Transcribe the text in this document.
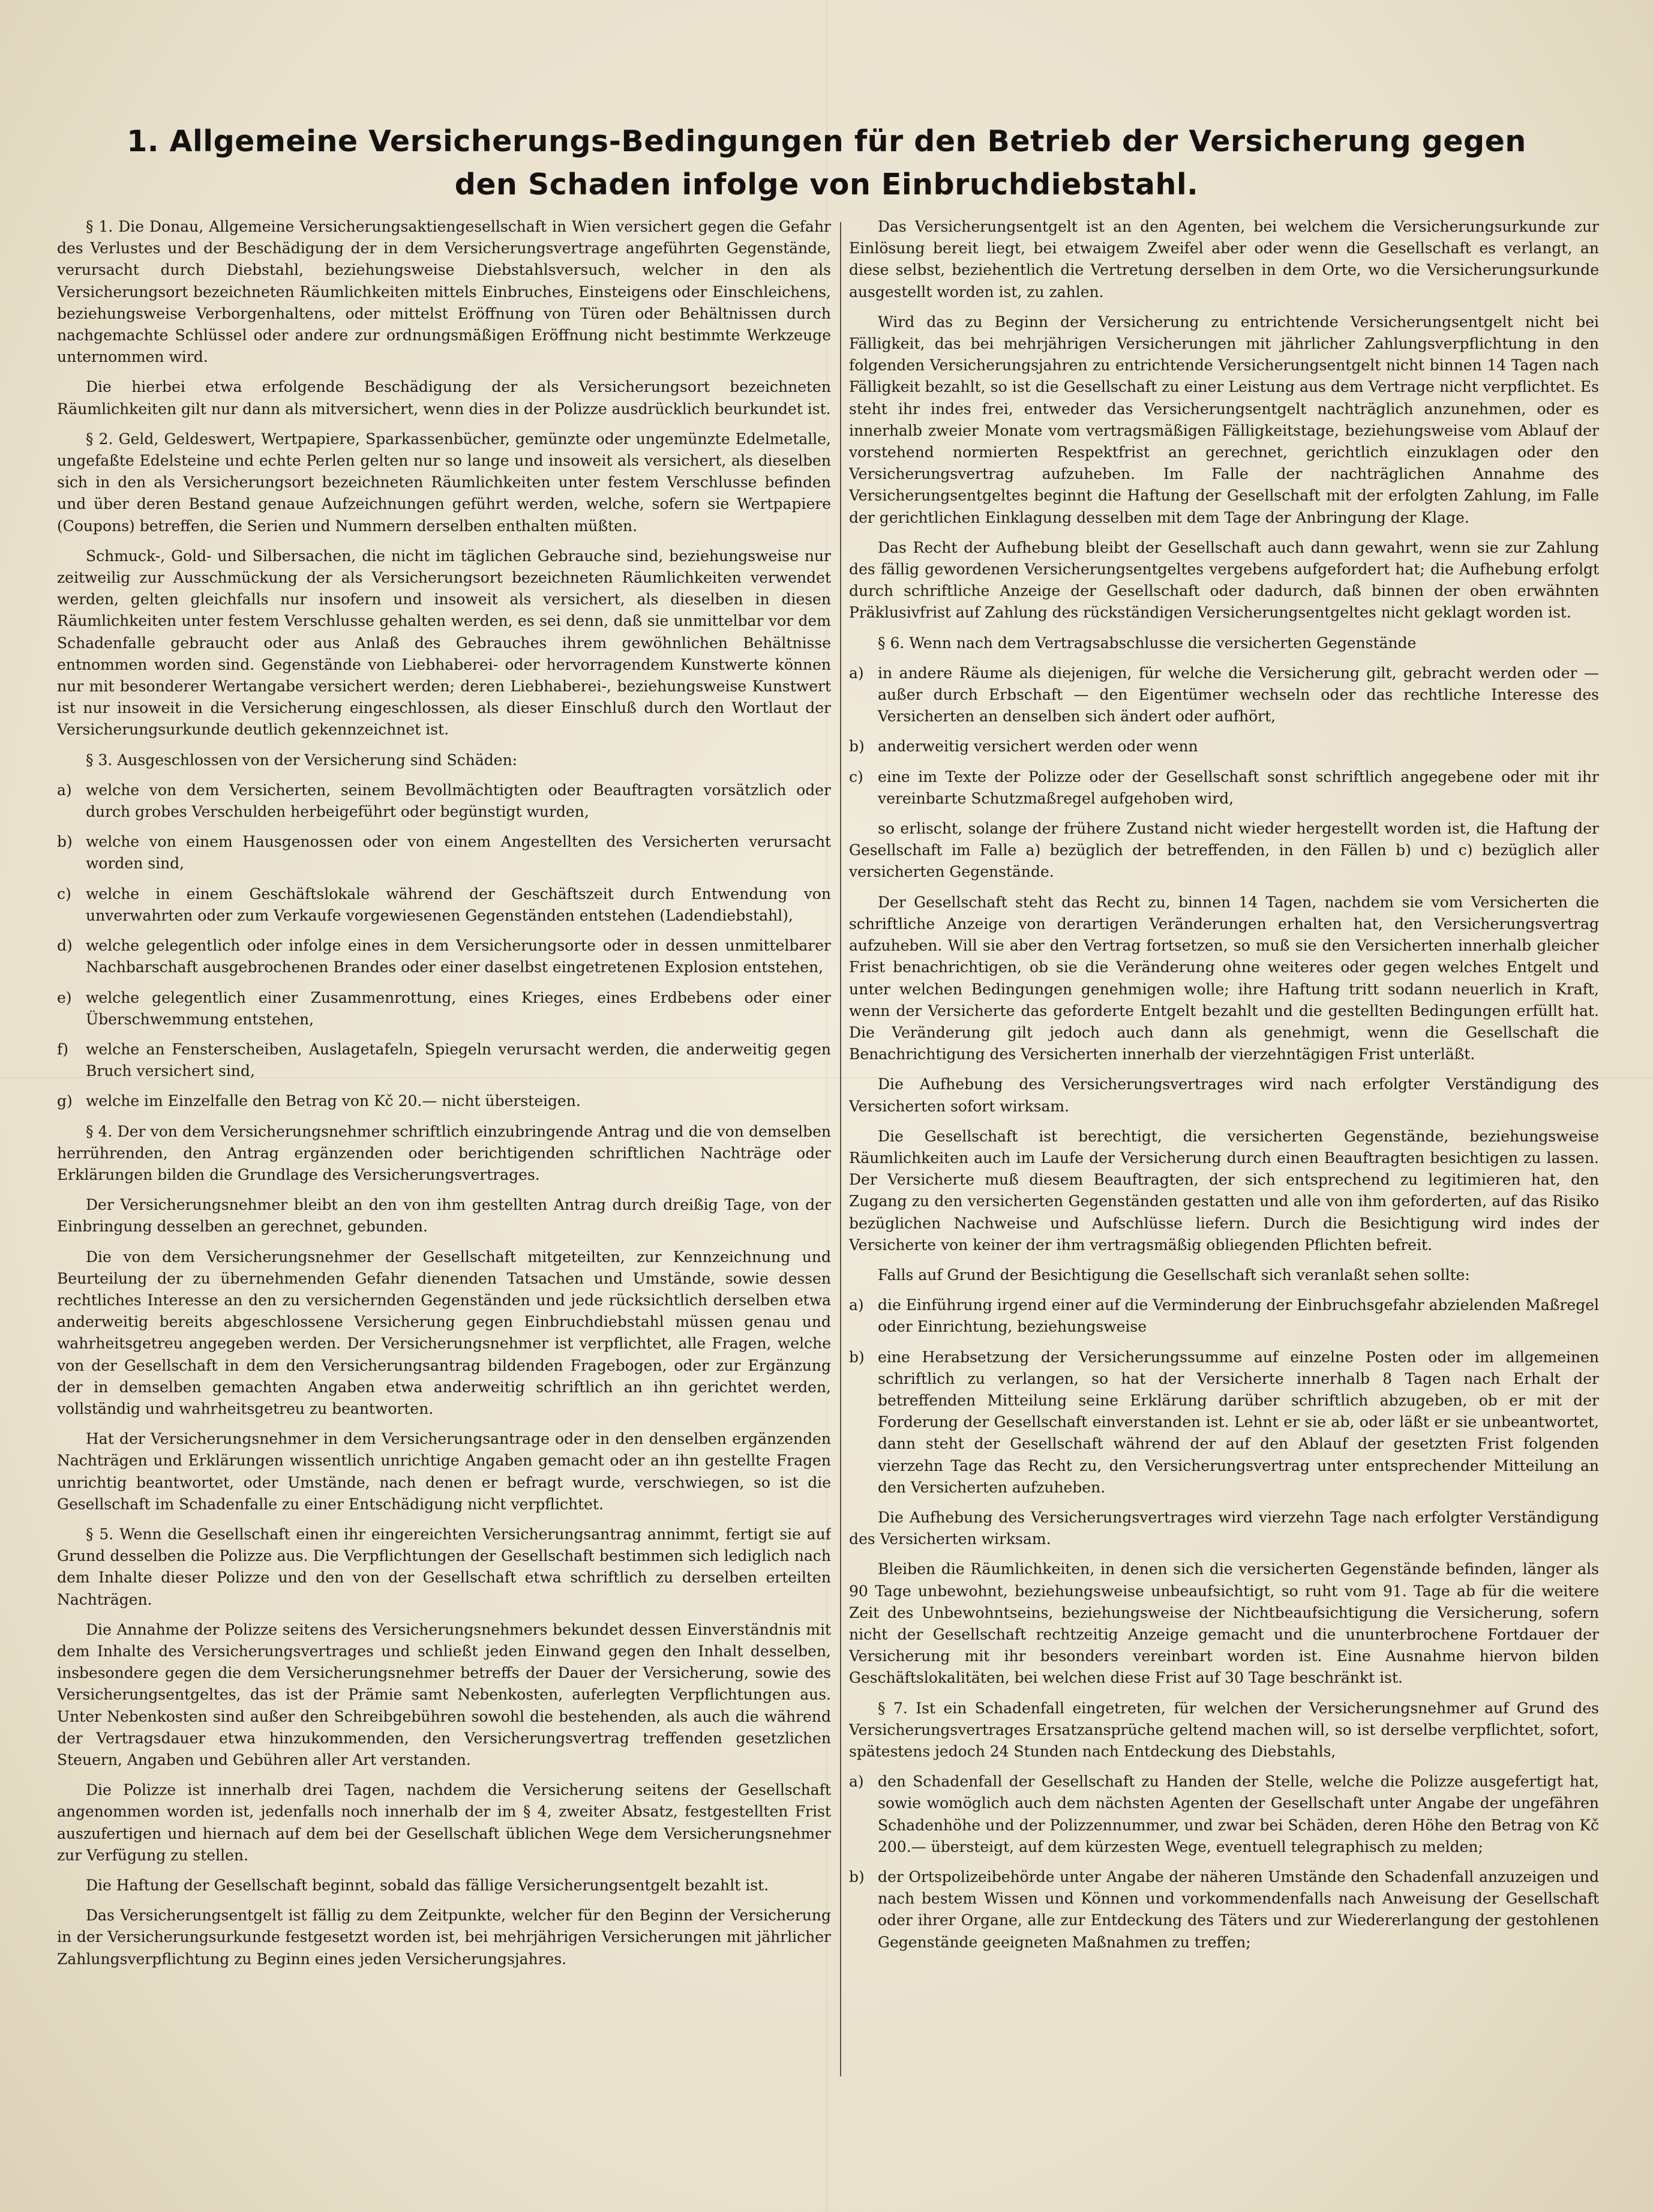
1. Allgemeine Versicherungs-Bedingungen für den Betrieb der Versicherung gegen
den Schaden infolge von Einbruchdiebstahl.

§ 1. Die Donau, Allgemeine Versicherungsaktiengesellschaft in Wien versichert gegen die Gefahr des Verlustes und der Beschädigung der in dem Versicherungsvertrage angeführten Gegenstände, verursacht durch Diebstahl, beziehungsweise Diebstahlsversuch, welcher in den als Versicherungsort bezeichneten Räumlichkeiten mittels Einbruches, Einsteigens oder Einschleichens, beziehungsweise Verborgenhaltens, oder mittelst Eröffnung von Türen oder Behältnissen durch nachgemachte Schlüssel oder andere zur ordnungsmäßigen Eröffnung nicht bestimmte Werkzeuge unternommen wird.

Die hierbei etwa erfolgende Beschädigung der als Versicherungsort bezeichneten Räumlichkeiten gilt nur dann als mitversichert, wenn dies in der Polizze ausdrücklich beurkundet ist.

§ 2. Geld, Geldeswert, Wertpapiere, Sparkassenbücher, gemünzte oder ungemünzte Edelmetalle, ungefaßte Edelsteine und echte Perlen gelten nur so lange und insoweit als versichert, als dieselben sich in den als Versicherungsort bezeichneten Räumlichkeiten unter festem Verschlusse befinden und über deren Bestand genaue Aufzeichnungen geführt werden, welche, sofern sie Wertpapiere (Coupons) betreffen, die Serien und Nummern derselben enthalten müßten.

Schmuck-, Gold- und Silbersachen, die nicht im täglichen Gebrauche sind, beziehungsweise nur zeitweilig zur Ausschmückung der als Versicherungsort bezeichneten Räumlichkeiten verwendet werden, gelten gleichfalls nur insofern und insoweit als versichert, als dieselben in diesen Räumlichkeiten unter festem Verschlusse gehalten werden, es sei denn, daß sie unmittelbar vor dem Schadenfalle gebraucht oder aus Anlaß des Gebrauches ihrem gewöhnlichen Behältnisse entnommen worden sind. Gegenstände von Liebhaberei- oder hervorragendem Kunstwerte können nur mit besonderer Wertangabe versichert werden; deren Liebhaberei-, beziehungsweise Kunstwert ist nur insoweit in die Versicherung eingeschlossen, als dieser Einschluß durch den Wortlaut der Versicherungsurkunde deutlich gekennzeichnet ist.

§ 3. Ausgeschlossen von der Versicherung sind Schäden:

a) welche von dem Versicherten, seinem Bevollmächtigten oder Beauftragten vorsätzlich oder durch grobes Verschulden herbeigeführt oder begünstigt wurden,

b) welche von einem Hausgenossen oder von einem Angestellten des Versicherten verursacht worden sind,

c) welche in einem Geschäftslokale während der Geschäftszeit durch Entwendung von unverwahrten oder zum Verkaufe vorgewiesenen Gegenständen entstehen (Ladendiebstahl),

d) welche gelegentlich oder infolge eines in dem Versicherungsorte oder in dessen unmittelbarer Nachbarschaft ausgebrochenen Brandes oder einer daselbst eingetretenen Explosion entstehen,

e) welche gelegentlich einer Zusammenrottung, eines Krieges, eines Erdbebens oder einer Überschwemmung entstehen,

f) welche an Fensterscheiben, Auslagetafeln, Spiegeln verursacht werden, die anderweitig gegen Bruch versichert sind,

g) welche im Einzelfalle den Betrag von Kč 20.— nicht übersteigen.

§ 4. Der von dem Versicherungsnehmer schriftlich einzubringende Antrag und die von demselben herrührenden, den Antrag ergänzenden oder berichtigenden schriftlichen Nachträge oder Erklärungen bilden die Grundlage des Versicherungsvertrages.

Der Versicherungsnehmer bleibt an den von ihm gestellten Antrag durch dreißig Tage, von der Einbringung desselben an gerechnet, gebunden.

Die von dem Versicherungsnehmer der Gesellschaft mitgeteilten, zur Kennzeichnung und Beurteilung der zu übernehmenden Gefahr dienenden Tatsachen und Umstände, sowie dessen rechtliches Interesse an den zu versichernden Gegenständen und jede rücksichtlich derselben etwa anderweitig bereits abgeschlossene Versicherung gegen Einbruchdiebstahl müssen genau und wahrheitsgetreu angegeben werden. Der Versicherungsnehmer ist verpflichtet, alle Fragen, welche von der Gesellschaft in dem den Versicherungsantrag bildenden Fragebogen, oder zur Ergänzung der in demselben gemachten Angaben etwa anderweitig schriftlich an ihn gerichtet werden, vollständig und wahrheitsgetreu zu beantworten.

Hat der Versicherungsnehmer in dem Versicherungsantrage oder in den denselben ergänzenden Nachträgen und Erklärungen wissentlich unrichtige Angaben gemacht oder an ihn gestellte Fragen unrichtig beantwortet, oder Umstände, nach denen er befragt wurde, verschwiegen, so ist die Gesellschaft im Schadenfalle zu einer Entschädigung nicht verpflichtet.

§ 5. Wenn die Gesellschaft einen ihr eingereichten Versicherungsantrag annimmt, fertigt sie auf Grund desselben die Polizze aus. Die Verpflichtungen der Gesellschaft bestimmen sich lediglich nach dem Inhalte dieser Polizze und den von der Gesellschaft etwa schriftlich zu derselben erteilten Nachträgen.

Die Annahme der Polizze seitens des Versicherungsnehmers bekundet dessen Einverständnis mit dem Inhalte des Versicherungsvertrages und schließt jeden Einwand gegen den Inhalt desselben, insbesondere gegen die dem Versicherungsnehmer betreffs der Dauer der Versicherung, sowie des Versicherungsentgeltes, das ist der Prämie samt Nebenkosten, auferlegten Verpflichtungen aus. Unter Nebenkosten sind außer den Schreibgebühren sowohl die bestehenden, als auch die während der Vertragsdauer etwa hinzukommenden, den Versicherungsvertrag treffenden gesetzlichen Steuern, Angaben und Gebühren aller Art verstanden.

Die Polizze ist innerhalb drei Tagen, nachdem die Versicherung seitens der Gesellschaft angenommen worden ist, jedenfalls noch innerhalb der im § 4, zweiter Absatz, festgestellten Frist auszufertigen und hiernach auf dem bei der Gesellschaft üblichen Wege dem Versicherungsnehmer zur Verfügung zu stellen.

Die Haftung der Gesellschaft beginnt, sobald das fällige Versicherungsentgelt bezahlt ist.

Das Versicherungsentgelt ist fällig zu dem Zeitpunkte, welcher für den Beginn der Versicherung in der Versicherungsurkunde festgesetzt worden ist, bei mehrjährigen Versicherungen mit jährlicher Zahlungsverpflichtung zu Beginn eines jeden Versicherungsjahres.

Das Versicherungsentgelt ist an den Agenten, bei welchem die Versicherungsurkunde zur Einlösung bereit liegt, bei etwaigem Zweifel aber oder wenn die Gesellschaft es verlangt, an diese selbst, beziehentlich die Vertretung derselben in dem Orte, wo die Versicherungsurkunde ausgestellt worden ist, zu zahlen.

Wird das zu Beginn der Versicherung zu entrichtende Versicherungsentgelt nicht bei Fälligkeit, das bei mehrjährigen Versicherungen mit jährlicher Zahlungsverpflichtung in den folgenden Versicherungsjahren zu entrichtende Versicherungsentgelt nicht binnen 14 Tagen nach Fälligkeit bezahlt, so ist die Gesellschaft zu einer Leistung aus dem Vertrage nicht verpflichtet. Es steht ihr indes frei, entweder das Versicherungsentgelt nachträglich anzunehmen, oder es innerhalb zweier Monate vom vertragsmäßigen Fälligkeitstage, beziehungsweise vom Ablauf der vorstehend normierten Respektfrist an gerechnet, gerichtlich einzuklagen oder den Versicherungsvertrag aufzuheben. Im Falle der nachträglichen Annahme des Versicherungsentgeltes beginnt die Haftung der Gesellschaft mit der erfolgten Zahlung, im Falle der gerichtlichen Einklagung desselben mit dem Tage der Anbringung der Klage.

Das Recht der Aufhebung bleibt der Gesellschaft auch dann gewahrt, wenn sie zur Zahlung des fällig gewordenen Versicherungsentgeltes vergebens aufgefordert hat; die Aufhebung erfolgt durch schriftliche Anzeige der Gesellschaft oder dadurch, daß binnen der oben erwähnten Präklusivfrist auf Zahlung des rückständigen Versicherungsentgeltes nicht geklagt worden ist.

§ 6. Wenn nach dem Vertragsabschlusse die versicherten Gegenstände

a) in andere Räume als diejenigen, für welche die Versicherung gilt, gebracht werden oder — außer durch Erbschaft — den Eigentümer wechseln oder das rechtliche Interesse des Versicherten an denselben sich ändert oder aufhört,

b) anderweitig versichert werden oder wenn

c) eine im Texte der Polizze oder der Gesellschaft sonst schriftlich angegebene oder mit ihr vereinbarte Schutzmaßregel aufgehoben wird,

so erlischt, solange der frühere Zustand nicht wieder hergestellt worden ist, die Haftung der Gesellschaft im Falle a) bezüglich der betreffenden, in den Fällen b) und c) bezüglich aller versicherten Gegenstände.

Der Gesellschaft steht das Recht zu, binnen 14 Tagen, nachdem sie vom Versicherten die schriftliche Anzeige von derartigen Veränderungen erhalten hat, den Versicherungsvertrag aufzuheben. Will sie aber den Vertrag fortsetzen, so muß sie den Versicherten innerhalb gleicher Frist benachrichtigen, ob sie die Veränderung ohne weiteres oder gegen welches Entgelt und unter welchen Bedingungen genehmigen wolle; ihre Haftung tritt sodann neuerlich in Kraft, wenn der Versicherte das geforderte Entgelt bezahlt und die gestellten Bedingungen erfüllt hat. Die Veränderung gilt jedoch auch dann als genehmigt, wenn die Gesellschaft die Benachrichtigung des Versicherten innerhalb der vierzehntägigen Frist unterläßt.

Die Aufhebung des Versicherungsvertrages wird nach erfolgter Verständigung des Versicherten sofort wirksam.

Die Gesellschaft ist berechtigt, die versicherten Gegenstände, beziehungsweise Räumlichkeiten auch im Laufe der Versicherung durch einen Beauftragten besichtigen zu lassen. Der Versicherte muß diesem Beauftragten, der sich entsprechend zu legitimieren hat, den Zugang zu den versicherten Gegenständen gestatten und alle von ihm geforderten, auf das Risiko bezüglichen Nachweise und Aufschlüsse liefern. Durch die Besichtigung wird indes der Versicherte von keiner der ihm vertragsmäßig obliegenden Pflichten befreit.

Falls auf Grund der Besichtigung die Gesellschaft sich veranlaßt sehen sollte:

a) die Einführung irgend einer auf die Verminderung der Einbruchsgefahr abzielenden Maßregel oder Einrichtung, beziehungsweise

b) eine Herabsetzung der Versicherungssumme auf einzelne Posten oder im allgemeinen schriftlich zu verlangen, so hat der Versicherte innerhalb 8 Tagen nach Erhalt der betreffenden Mitteilung seine Erklärung darüber schriftlich abzugeben, ob er mit der Forderung der Gesellschaft einverstanden ist. Lehnt er sie ab, oder läßt er sie unbeantwortet, dann steht der Gesellschaft während der auf den Ablauf der gesetzten Frist folgenden vierzehn Tage das Recht zu, den Versicherungsvertrag unter entsprechender Mitteilung an den Versicherten aufzuheben.

Die Aufhebung des Versicherungsvertrages wird vierzehn Tage nach erfolgter Verständigung des Versicherten wirksam.

Bleiben die Räumlichkeiten, in denen sich die versicherten Gegenstände befinden, länger als 90 Tage unbewohnt, beziehungsweise unbeaufsichtigt, so ruht vom 91. Tage ab für die weitere Zeit des Unbewohntseins, beziehungsweise der Nichtbeaufsichtigung die Versicherung, sofern nicht der Gesellschaft rechtzeitig Anzeige gemacht und die ununterbrochene Fortdauer der Versicherung mit ihr besonders vereinbart worden ist. Eine Ausnahme hiervon bilden Geschäftslokalitäten, bei welchen diese Frist auf 30 Tage beschränkt ist.

§ 7. Ist ein Schadenfall eingetreten, für welchen der Versicherungsnehmer auf Grund des Versicherungsvertrages Ersatzansprüche geltend machen will, so ist derselbe verpflichtet, sofort, spätestens jedoch 24 Stunden nach Entdeckung des Diebstahls,

a) den Schadenfall der Gesellschaft zu Handen der Stelle, welche die Polizze ausgefertigt hat, sowie womöglich auch dem nächsten Agenten der Gesellschaft unter Angabe der ungefähren Schadenhöhe und der Polizzennummer, und zwar bei Schäden, deren Höhe den Betrag von Kč 200.— übersteigt, auf dem kürzesten Wege, eventuell telegraphisch zu melden;

b) der Ortspolizeibehörde unter Angabe der näheren Umstände den Schadenfall anzuzeigen und nach bestem Wissen und Können und vorkommendenfalls nach Anweisung der Gesellschaft oder ihrer Organe, alle zur Entdeckung des Täters und zur Wiedererlangung der gestohlenen Gegenstände geeigneten Maßnahmen zu treffen;
